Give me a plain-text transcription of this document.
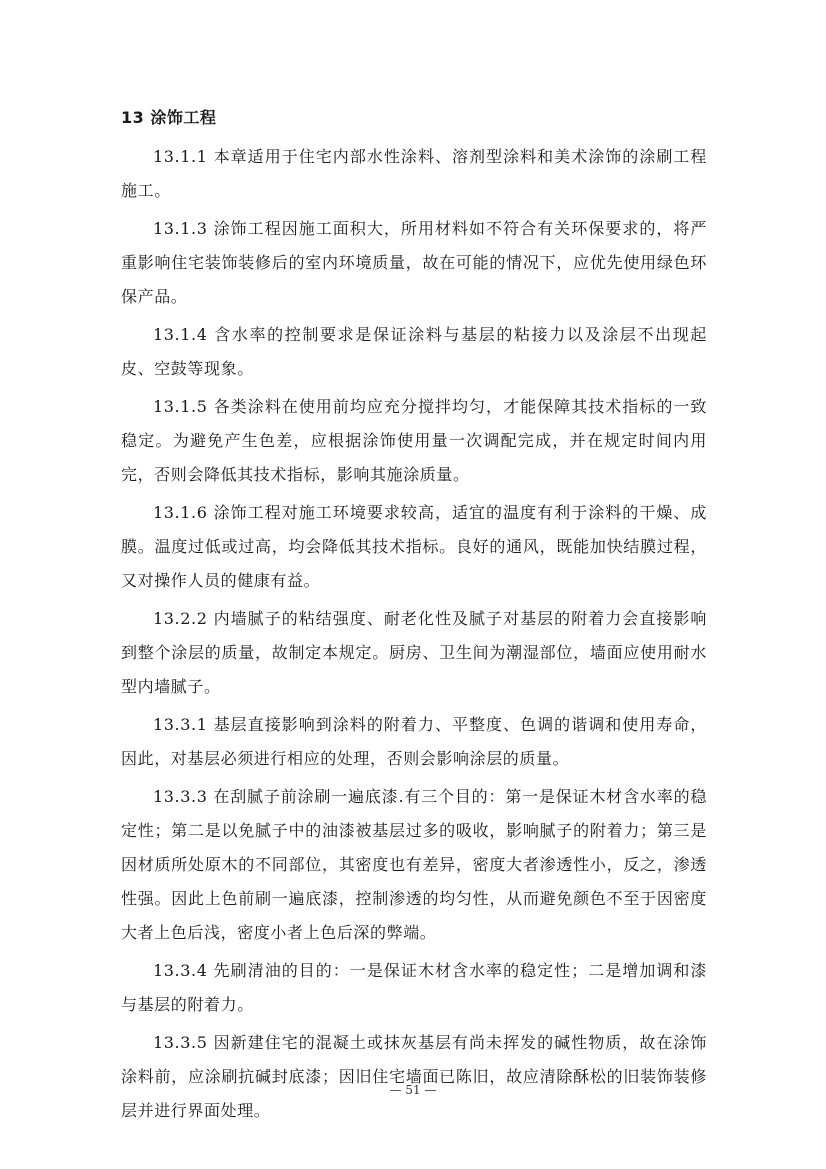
13 涂饰工程

13.1.1 本章适用于住宅内部水性涂料、溶剂型涂料和美术涂饰的涂刷工程施工。

13.1.3 涂饰工程因施工面积大，所用材料如不符合有关环保要求的，将严重影响住宅装饰装修后的室内环境质量，故在可能的情况下，应优先使用绿色环保产品。

13.1.4 含水率的控制要求是保证涂料与基层的粘接力以及涂层不出现起皮、空鼓等现象。

13.1.5 各类涂料在使用前均应充分搅拌均匀，才能保障其技术指标的一致稳定。为避免产生色差，应根据涂饰使用量一次调配完成，并在规定时间内用完，否则会降低其技术指标，影响其施涂质量。

13.1.6 涂饰工程对施工环境要求较高，适宜的温度有利于涂料的干燥、成膜。温度过低或过高，均会降低其技术指标。良好的通风，既能加快结膜过程，又对操作人员的健康有益。

13.2.2 内墙腻子的粘结强度、耐老化性及腻子对基层的附着力会直接影响到整个涂层的质量，故制定本规定。厨房、卫生间为潮湿部位，墙面应使用耐水型内墙腻子。

13.3.1 基层直接影响到涂料的附着力、平整度、色调的谐调和使用寿命，因此，对基层必须进行相应的处理，否则会影响涂层的质量。

13.3.3 在刮腻子前涂刷一遍底漆.有三个目的：第一是保证木材含水率的稳定性；第二是以免腻子中的油漆被基层过多的吸收，影响腻子的附着力；第三是因材质所处原木的不同部位，其密度也有差异，密度大者渗透性小，反之，渗透性强。因此上色前刷一遍底漆，控制渗透的均匀性，从而避免颜色不至于因密度大者上色后浅，密度小者上色后深的弊端。

13.3.4 先刷清油的目的：一是保证木材含水率的稳定性；二是增加调和漆与基层的附着力。

13.3.5 因新建住宅的混凝土或抹灰基层有尚未挥发的碱性物质，故在涂饰涂料前，应涂刷抗碱封底漆；因旧住宅墙面已陈旧，故应清除酥松的旧装饰装修层并进行界面处理。

— 51 —
